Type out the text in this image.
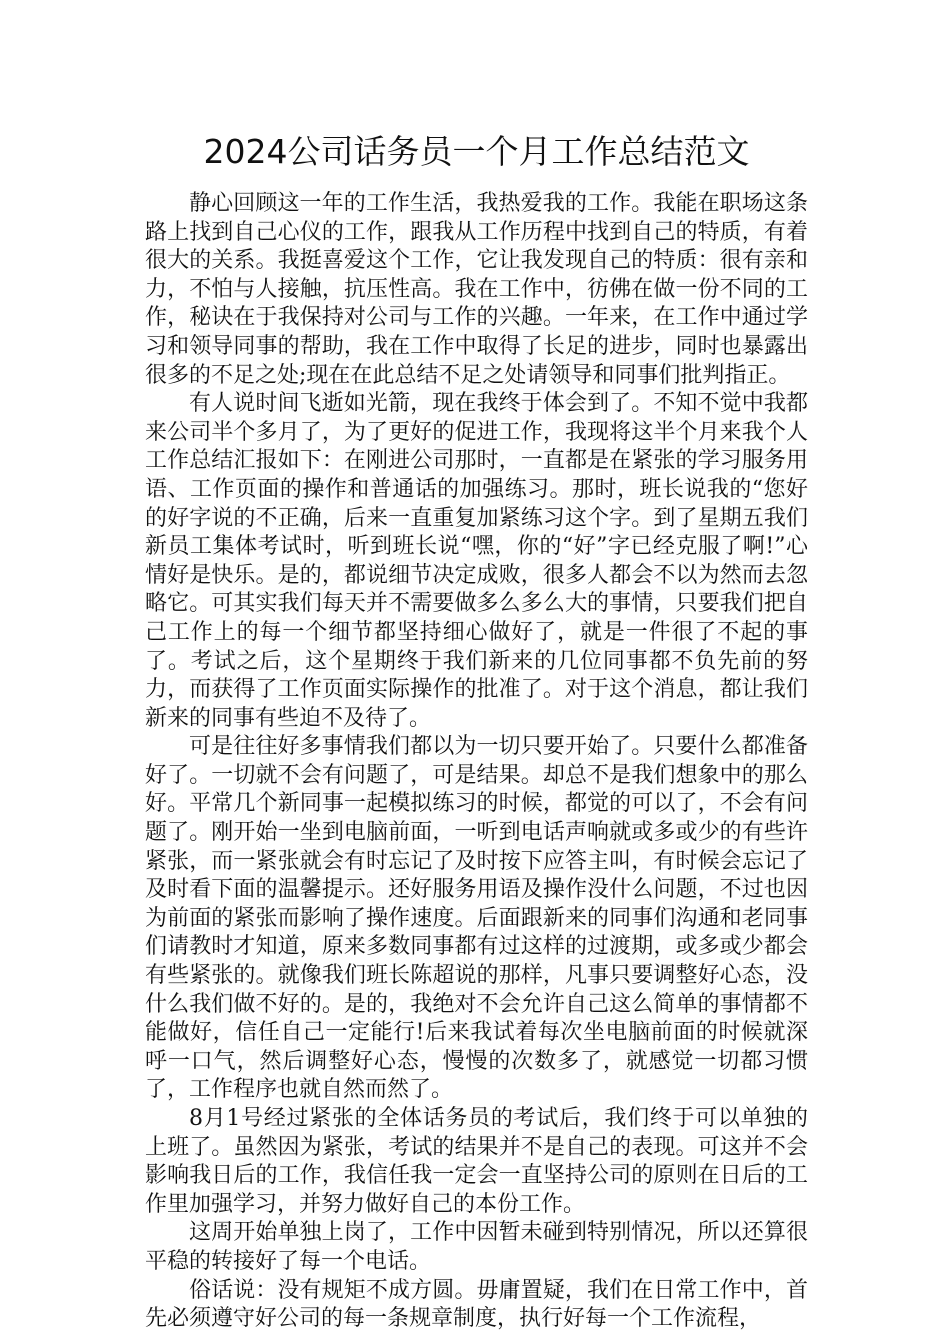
2024公司话务员一个月工作总结范文

静心回顾这一年的工作生活，我热爱我的工作。我能在职场这条路上找到自己心仪的工作，跟我从工作历程中找到自己的特质，有着很大的关系。我挺喜爱这个工作，它让我发现自己的特质：很有亲和力，不怕与人接触，抗压性高。我在工作中，彷佛在做一份不同的工作，秘诀在于我保持对公司与工作的兴趣。一年来，在工作中通过学习和领导同事的帮助，我在工作中取得了长足的进步，同时也暴露出很多的不足之处;现在在此总结不足之处请领导和同事们批判指正。

有人说时间飞逝如光箭，现在我终于体会到了。不知不觉中我都来公司半个多月了，为了更好的促进工作，我现将这半个月来我个人工作总结汇报如下：在刚进公司那时，一直都是在紧张的学习服务用语、工作页面的操作和普通话的加强练习。那时，班长说我的“您好的好字说的不正确，后来一直重复加紧练习这个字。到了星期五我们新员工集体考试时，听到班长说“嘿，你的“好”字已经克服了啊!”心情好是快乐。是的，都说细节决定成败，很多人都会不以为然而去忽略它。可其实我们每天并不需要做多么多么大的事情，只要我们把自己工作上的每一个细节都坚持细心做好了，就是一件很了不起的事了。考试之后，这个星期终于我们新来的几位同事都不负先前的努力，而获得了工作页面实际操作的批准了。对于这个消息，都让我们新来的同事有些迫不及待了。

可是往往好多事情我们都以为一切只要开始了。只要什么都准备好了。一切就不会有问题了，可是结果。却总不是我们想象中的那么好。平常几个新同事一起模拟练习的时候，都觉的可以了，不会有问题了。刚开始一坐到电脑前面，一听到电话声响就或多或少的有些许紧张，而一紧张就会有时忘记了及时按下应答主叫，有时候会忘记了及时看下面的温馨提示。还好服务用语及操作没什么问题，不过也因为前面的紧张而影响了操作速度。后面跟新来的同事们沟通和老同事们请教时才知道，原来多数同事都有过这样的过渡期，或多或少都会有些紧张的。就像我们班长陈超说的那样，凡事只要调整好心态，没什么我们做不好的。是的，我绝对不会允许自己这么简单的事情都不能做好，信任自己一定能行!后来我试着每次坐电脑前面的时候就深呼一口气，然后调整好心态，慢慢的次数多了，就感觉一切都习惯了，工作程序也就自然而然了。

8月1号经过紧张的全体话务员的考试后，我们终于可以单独的上班了。虽然因为紧张，考试的结果并不是自己的表现。可这并不会影响我日后的工作，我信任我一定会一直坚持公司的原则在日后的工作里加强学习，并努力做好自己的本份工作。

这周开始单独上岗了，工作中因暂未碰到特别情况，所以还算很平稳的转接好了每一个电话。

俗话说：没有规矩不成方圆。毋庸置疑，我们在日常工作中，首先必须遵守好公司的每一条规章制度，执行好每一个工作流程，
